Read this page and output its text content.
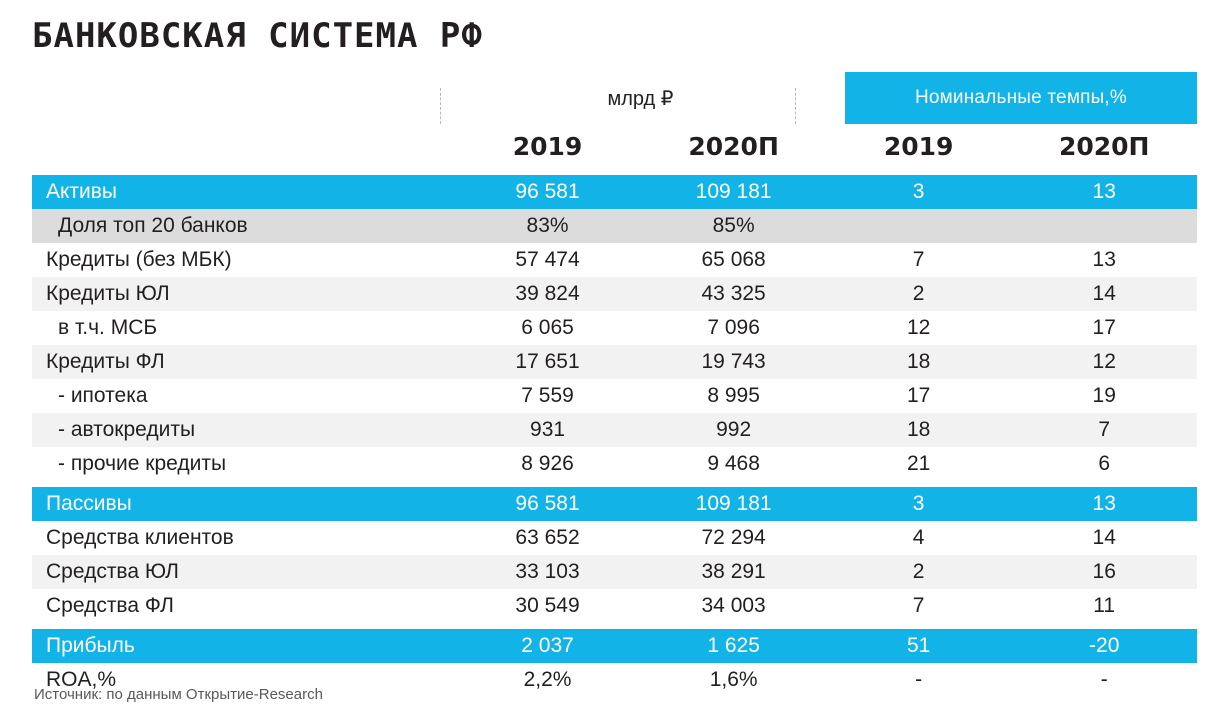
БАНКОВСКАЯ СИСТЕМА РФ
млрд ₽	Номинальные темпы,%
	2019	2020П	2019	2020П
Активы	96 581	109 181	3	13
Доля топ 20 банков	83%	85%		
Кредиты (без МБК)	57 474	65 068	7	13
Кредиты ЮЛ	39 824	43 325	2	14
в т.ч. МСБ	6 065	7 096	12	17
Кредиты ФЛ	17 651	19 743	18	12
- ипотека	7 559	8 995	17	19
- автокредиты	931	992	18	7
- прочие кредиты	8 926	9 468	21	6

Пассивы	96 581	109 181	3	13
Средства клиентов	63 652	72 294	4	14
Средства ЮЛ	33 103	38 291	2	16
Средства ФЛ	30 549	34 003	7	11

Прибыль	2 037	1 625	51	-20
ROA,%	2,2%	1,6%	-	-
Источник: по данным Открытие-Research
